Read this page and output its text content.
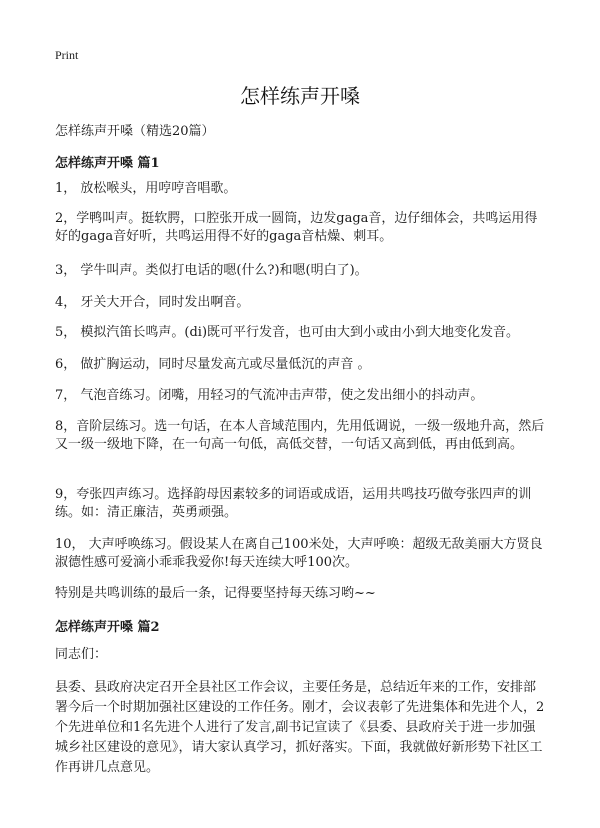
Print
怎样练声开嗓
怎样练声开嗓（精选20篇）
怎样练声开嗓 篇1
1， 放松喉头，用哼哼音唱歌。
2，学鸭叫声。挺软腭，口腔张开成一圆筒，边发gaga音，边仔细体会，共鸣运用得好的gaga音好听，共鸣运用得不好的gaga音枯燥、刺耳。
3， 学牛叫声。类似打电话的嗯(什么?)和嗯(明白了)。
4， 牙关大开合，同时发出啊音。
5， 模拟汽笛长鸣声。(di)既可平行发音，也可由大到小或由小到大地变化发音。
6， 做扩胸运动，同时尽量发高亢或尽量低沉的声音 。
7， 气泡音练习。闭嘴，用轻习的气流冲击声带，使之发出细小的抖动声。
8，音阶层练习。选一句话，在本人音域范围内，先用低调说，一级一级地升高，然后又一级一级地下降，在一句高一句低，高低交替，一句话又高到低，再由低到高。
9，夸张四声练习。选择韵母因素较多的词语或成语，运用共鸣技巧做夸张四声的训练。如：清正廉洁，英勇顽强。
10， 大声呼唤练习。假设某人在离自己100米处，大声呼唤：超级无敌美丽大方贤良淑德性感可爱滴小乖乖我爱你!每天连续大呼100次。
特别是共鸣训练的最后一条，记得要坚持每天练习哟~~
怎样练声开嗓 篇2
同志们：
县委、县政府决定召开全县社区工作会议，主要任务是，总结近年来的工作，安排部署今后一个时期加强社区建设的工作任务。刚才，会议表彰了先进集体和先进个人，2个先进单位和1名先进个人进行了发言,副书记宣读了《县委、县政府关于进一步加强城乡社区建设的意见》，请大家认真学习，抓好落实。下面，我就做好新形势下社区工作再讲几点意见。
